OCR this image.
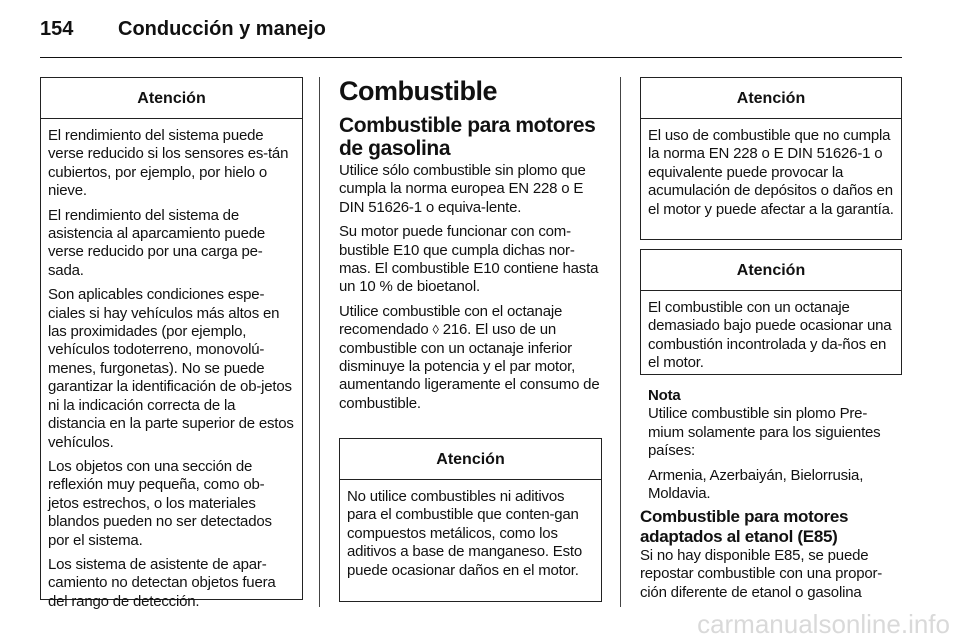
154 Conducción y manejo
Atención

El rendimiento del sistema puede verse reducido si los sensores es-tán cubiertos, por ejemplo, por hielo o nieve.

El rendimiento del sistema de asistencia al aparcamiento puede verse reducido por una carga pe-sada.

Son aplicables condiciones espe-ciales si hay vehículos más altos en las proximidades (por ejemplo, vehículos todoterreno, monovolú-menes, furgonetas). No se puede garantizar la identificación de ob-jetos ni la indicación correcta de la distancia en la parte superior de estos vehículos.

Los objetos con una sección de reflexión muy pequeña, como ob-jetos estrechos, o los materiales blandos pueden no ser detectados por el sistema.

Los sistema de asistente de apar-camiento no detectan objetos fuera del rango de detección.

Combustible
Combustible para motores de gasolina

Utilice sólo combustible sin plomo que cumpla la norma europea EN 228 o E DIN 51626-1 o equiva-lente.

Su motor puede funcionar con com-bustible E10 que cumpla dichas nor-mas. El combustible E10 contiene hasta un 10 % de bioetanol.

Utilice combustible con el octanaje recomendado ◊ 216. El uso de un combustible con un octanaje inferior disminuye la potencia y el par motor, aumentando ligeramente el consumo de combustible.

Atención
No utilice combustibles ni aditivos para el combustible que conten-gan compuestos metálicos, como los aditivos a base de manganeso. Esto puede ocasionar daños en el motor.
Atención
El uso de combustible que no cumpla la norma EN 228 o E DIN 51626-1 o equivalente puede provocar la acumulación de depósitos o daños en el motor y puede afectar a la garantía.
Atención
El combustible con un octanaje demasiado bajo puede ocasionar una combustión incontrolada y da-ños en el motor.
Nota

Utilice combustible sin plomo Pre-mium solamente para los siguientes países:

Armenia, Azerbaiyán, Bielorrusia, Moldavia.

Combustible para motores adaptados al etanol (E85)

Si no hay disponible E85, se puede repostar combustible con una propor-ción diferente de etanol o gasolina

carmanualsonline.info
